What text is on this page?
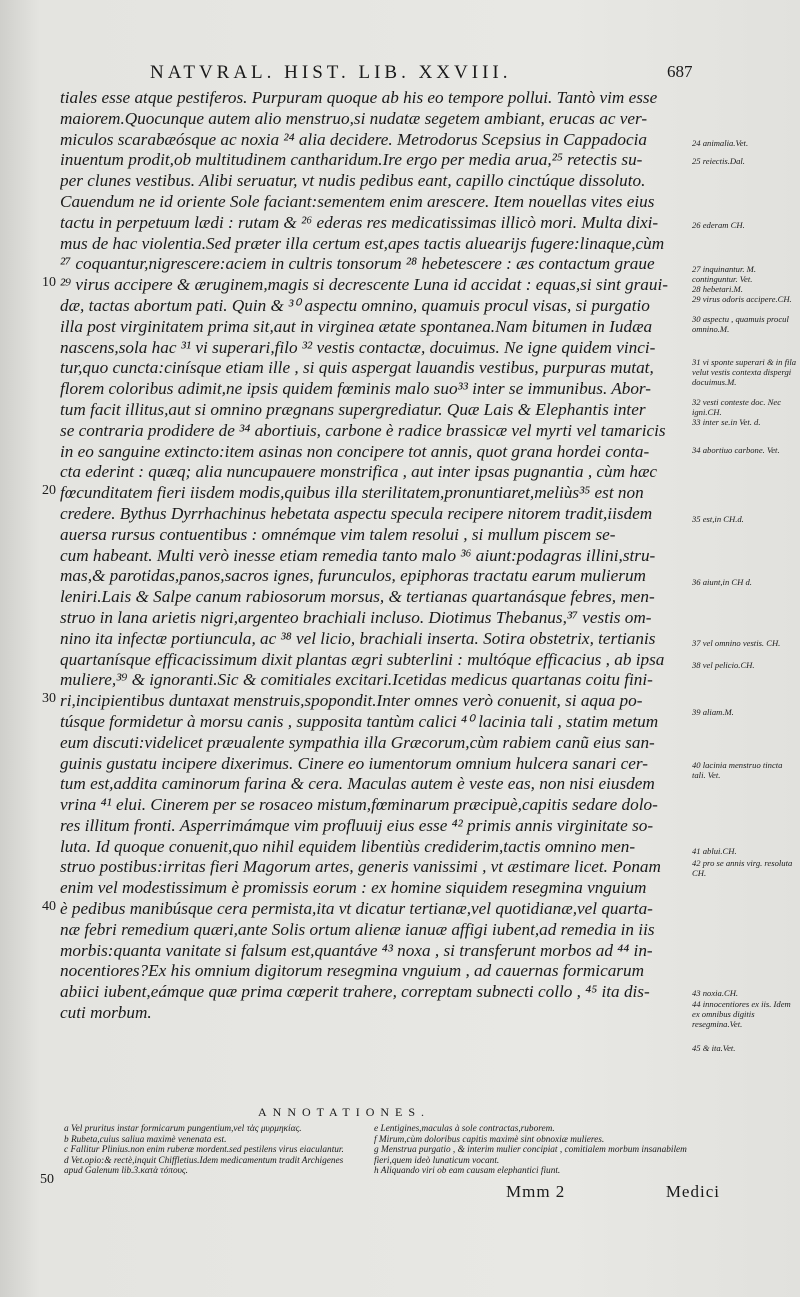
NATVRAL. HIST. LIB. XXVIII.	687
tiales esse atque pestiferos. Purpuram quoque ab his eo tempore pollui. Tantò vim esse
maiorem.Quocunque autem alio menstruo,si nudatæ segetem ambiant, erucas ac ver-
miculos scarabæósque ac noxia ²⁴ alia decidere. Metrodorus Scepsius in Cappadocia
inuentum prodit,ob multitudinem cantharidum.Ire ergo per media arua,²⁵ retectis su-
per clunes vestibus. Alibi seruatur, vt nudis pedibus eant, capillo cinctúque dissoluto.
Cauendum ne id oriente Sole faciant:sementem enim arescere. Item nouellas vites eius
tactu in perpetuum lædi : rutam & ²⁶ ederas res medicatissimas illicò mori. Multa dixi-
mus de hac violentia.Sed præter illa certum est,apes tactis aluearijs fugere:linaque,cùm
²⁷ coquantur,nigrescere:aciem in cultris tonsorum ²⁸ hebetescere : æs contactum graue
²⁹ virus accipere & æruginem,magis si decrescente Luna id accidat : equas,si sint graui-
dæ, tactas abortum pati. Quin & ³⁰ aspectu omnino, quamuis procul visas, si purgatio
illa post virginitatem prima sit,aut in virginea ætate spontanea.Nam bitumen in Iudæa
nascens,sola hac ³¹ vi superari,filo ³² vestis contactæ, docuimus. Ne igne quidem vinci-
tur,quo cuncta:cinísque etiam ille , si quis aspergat lauandis vestibus, purpuras mutat,
florem coloribus adimit,ne ipsis quidem fœminis malo suo³³ inter se immunibus. Abor-
tum facit illitus,aut si omnino prægnans supergrediatur. Quæ Lais & Elephantis inter
se contraria prodidere de ³⁴ abortiuis, carbone è radice brassicæ vel myrti vel tamaricis
in eo sanguine extincto:item asinas non concipere tot annis, quot grana hordei conta-
cta ederint : quæq; alia nuncupauere monstrifica , aut inter ipsas pugnantia , cùm hæc
fœcunditatem fieri iisdem modis,quibus illa sterilitatem,pronuntiaret,meliùs³⁵ est non
credere. Bythus Dyrrhachinus hebetata aspectu specula recipere nitorem tradit,iisdem
auersa rursus contuentibus : omnémque vim talem resolui , si mullum piscem se-
cum habeant. Multi verò inesse etiam remedia tanto malo ³⁶ aiunt:podagras illini,stru-
mas,& parotidas,panos,sacros ignes, furunculos, epiphoras tractatu earum mulierum
leniri.Lais & Salpe canum rabiosorum morsus, & tertianas quartanásque febres, men-
struo in lana arietis nigri,argenteo brachiali incluso. Diotimus Thebanus,³⁷ vestis om-
nino ita infectæ portiuncula, ac ³⁸ vel licio, brachiali inserta. Sotira obstetrix, tertianis
quartanísque efficacissimum dixit plantas ægri subterlini : multóque efficacius , ab ipsa
muliere,³⁹ & ignoranti.Sic & comitiales excitari.Icetidas medicus quartanas coitu fini-
ri,incipientibus duntaxat menstruis,spopondit.Inter omnes verò conuenit, si aqua po-
túsque formidetur à morsu canis , supposita tantùm calici ⁴⁰ lacinia tali , statim metum
eum discuti:videlicet præualente sympathia illa Græcorum,cùm rabiem canũ eius san-
guinis gustatu incipere dixerimus. Cinere eo iumentorum omnium hulcera sanari cer-
tum est,addita caminorum farina & cera. Maculas autem è veste eas, non nisi eiusdem
vrina ⁴¹ elui. Cinerem per se rosaceo mistum,fœminarum præcipuè,capitis sedare dolo-
res illitum fronti. Asperrimámque vim profluuij eius esse ⁴² primis annis virginitate so-
luta. Id quoque conuenit,quo nihil equidem libentiùs crediderim,tactis omnino men-
struo postibus:irritas fieri Magorum artes, generis vanissimi , vt æstimare licet. Ponam
enim vel modestissimum è promissis eorum : ex homine siquidem resegmina vnguium
è pedibus manibúsque cera permista,ita vt dicatur tertianæ,vel quotidianæ,vel quarta-
næ febri remedium quæri,ante Solis ortum alienæ ianuæ affigi iubent,ad remedia in iis
morbis:quanta vanitate si falsum est,quantáve ⁴³ noxa , si transferunt morbos ad ⁴⁴ in-
nocentiores?Ex his omnium digitorum resegmina vnguium , ad cauernas formicarum
abiici iubent,eámque quæ prima cœperit trahere, correptam subnecti collo , ⁴⁵ ita dis-
cuti morbum.
10
20
30
40
50
24 animalia.Vet.
25 reiectis.Dal.
26 ederam CH.
27 inquinantur. M. continguntur. Vet.
28 hebetari.M.
29 virus odoris accipere.CH.
30 aspectu , quamuis procul omnino.M.
31 vi sponte superari & in fila velut vestis contexta dispergi docuimus.M.
32 vesti conteste doc. Nec igni.CH.
33 inter se.in Vet. d.
34 abortiuo carbone. Vet.
35 est,in CH.d.
36 aiunt,in CH d.
37 vel omnino vestis. CH.
38 vel pelicio.CH.
39 aliam.M.
40 lacinia menstruo tincta tali. Vet.
41 ablui.CH.
42 pro se annis virg. resoluta CH.
43 noxia.CH.
44 innocentiores ex iis. Idem ex omnibus digitis resegmina.Vet.
45 & ita.Vet.
ANNOTATIONES.
a Vel pruritus instar formicarum pungentium,vel τὰς μυρμηκίας.
b Rubeta,cuius saliua maximè venenata est.
c Fallitur Plinius.non enim ruberæ mordent.sed pestilens virus eiaculantur.
d Vet.opio:& rectè,inquit Chiffletius.Idem medicamentum tradit Archigenes apud Galenum lib.3.κατὰ τόπους.
e Lentigines,maculas à sole contractas,ruborem.
f Mirum,cùm doloribus capitis maximè sint obnoxiæ mulieres.
g Menstrua purgatio , & interim mulier concipiat , comitialem morbum insanabilem fieri,quem ideò lunaticum vocant.
h Aliquando viri ob eam causam elephantici fiunt.
Mmm 2	Medici
